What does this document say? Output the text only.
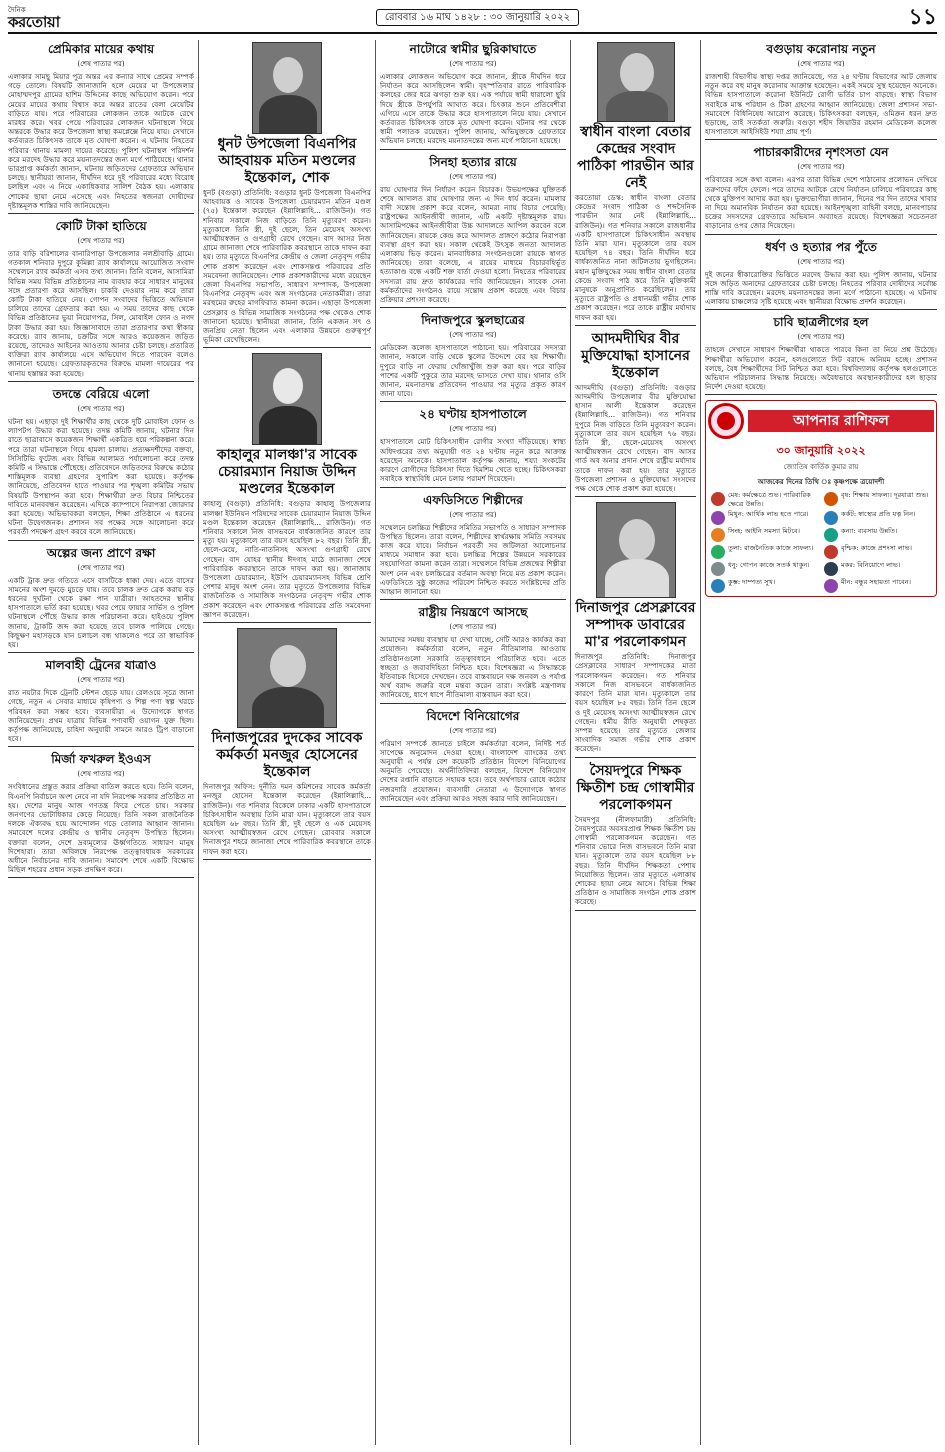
দৈনিক
করতোয়া	রোববার ১৬ মাঘ ১৪২৮ : ৩০ জানুয়ারি ২০২২	১১
প্রেমিকার মায়ের কথায়
(শেষ পাতার পর)

এলাকার সামছু মিয়ার পুত্র অন্তর এর কন্যার সাথে প্রেমের সম্পর্ক গড়ে তোলে। বিষয়টি জানাজানি হলে মেয়ের মা উপজেলার মোহাম্মদপুর গ্রামের হাশিম উদ্দিনের কাছে অভিযোগ করেন। পরে মেয়ের মায়ের কথায় বিশ্বাস করে অন্তর রাতের বেলা মেয়েটির বাড়িতে যায়। পরে পরিবারের লোকজন তাকে আটকে রেখে মারধর করে। খবর পেয়ে পরিবারের লোকজন ঘটনাস্থলে গিয়ে অন্তরকে উদ্ধার করে উপজেলা স্বাস্থ্য কমপ্লেক্সে নিয়ে যায়। সেখানে কর্তব্যরত চিকিৎসক তাকে মৃত ঘোষণা করেন। এ ঘটনায় নিহতের পরিবার থানায় মামলা দায়ের করেছে। পুলিশ ঘটনাস্থল পরিদর্শন করে মরদেহ উদ্ধার করে ময়নাতদন্তের জন্য মর্গে পাঠিয়েছে। থানার ভারপ্রাপ্ত কর্মকর্তা জানান, ঘটনায় জড়িতদের গ্রেফতারে অভিযান চলছে। স্থানীয়রা জানান, দীর্ঘদিন ধরে দুই পরিবারের মধ্যে বিরোধ চলছিল এবং এ নিয়ে একাধিকবার সালিশ বৈঠক হয়। এলাকায় শোকের ছায়া নেমে এসেছে এবং নিহতের স্বজনরা দোষীদের দৃষ্টান্তমূলক শাস্তির দাবি জানিয়েছেন।

কোটি টাকা হাতিয়ে
(শেষ পাতার পর)

তার বাড়ি বরিশালের বানারিপাড়া উপজেলার নলশ্রীবাড়ি গ্রামে। গতকাল শনিবার দুপুরে কুমিল্লা র‌্যাব কার্যালয়ে আয়োজিত সংবাদ সম্মেলনে র‌্যাব কর্মকর্তা এসব তথ্য জানান। তিনি বলেন, আসামিরা বিভিন্ন সময় বিভিন্ন প্রতিষ্ঠানের নাম ব্যবহার করে সাধারণ মানুষের সঙ্গে প্রতারণা করে আসছিল। চাকরি দেওয়ার নাম করে তারা কোটি টাকা হাতিয়ে নেয়। গোপন সংবাদের ভিত্তিতে অভিযান চালিয়ে তাদের গ্রেফতার করা হয়। এ সময় তাদের কাছ থেকে বিভিন্ন প্রতিষ্ঠানের ভুয়া নিয়োগপত্র, সিল, মোবাইল ফোন ও নগদ টাকা উদ্ধার করা হয়। জিজ্ঞাসাবাদে তারা প্রতারণার কথা স্বীকার করেছে। র‌্যাব জানায়, চক্রটির সঙ্গে আরও কয়েকজন জড়িত রয়েছে, তাদেরও আইনের আওতায় আনার চেষ্টা চলছে। প্রতারিত ব্যক্তিরা র‌্যাব কার্যালয়ে এসে অভিযোগ দিতে পারবেন বলেও জানানো হয়েছে। গ্রেফতারকৃতদের বিরুদ্ধে মামলা দায়েরের পর থানায় হস্তান্তর করা হয়েছে।

তদন্তে বেরিয়ে এলো
(শেষ পাতার পর)

ঘটনা হয়। এছাড়া দুই শিক্ষার্থীর কাছ থেকে দুটি মোবাইল ফোন ও ল্যাপটপ উদ্ধার করা হয়েছে। তদন্ত কমিটি জানায়, ঘটনার দিন রাতে ছাত্রাবাসে কয়েকজন শিক্ষার্থী একত্রিত হয়ে পরিকল্পনা করে। পরে তারা ঘটনাস্থলে গিয়ে হামলা চালায়। প্রত্যক্ষদর্শীদের বক্তব্য, সিসিটিভি ফুটেজ এবং বিভিন্ন আলামত পর্যালোচনা করে তদন্ত কমিটি এ সিদ্ধান্তে পৌঁছেছে। প্রতিবেদনে জড়িতদের বিরুদ্ধে কঠোর শাস্তিমূলক ব্যবস্থা গ্রহণের সুপারিশ করা হয়েছে। কর্তৃপক্ষ জানিয়েছে, প্রতিবেদন হাতে পাওয়ার পর শৃঙ্খলা কমিটির সভায় বিষয়টি উপস্থাপন করা হবে। শিক্ষার্থীরা দ্রুত বিচার নিশ্চিতের দাবিতে মানববন্ধন করেছেন। এদিকে ক্যাম্পাসে নিরাপত্তা জোরদার করা হয়েছে। অভিভাবকরা বলছেন, শিক্ষা প্রতিষ্ঠানে এ ধরনের ঘটনা উদ্বেগজনক। প্রশাসন সব পক্ষের সঙ্গে আলোচনা করে পরবর্তী পদক্ষেপ গ্রহণ করবে বলে জানিয়েছে।

অল্পের জন্য প্রাণে রক্ষা
(শেষ পাতার পর)

একটি ট্রাক দ্রুত গতিতে এসে বাসটিকে ধাক্কা দেয়। এতে বাসের সামনের অংশ দুমড়ে মুচড়ে যায়। তবে চালক দ্রুত ব্রেক করায় বড় ধরনের দুর্ঘটনা থেকে রক্ষা পান যাত্রীরা। আহতদের স্থানীয় হাসপাতালে ভর্তি করা হয়েছে। খবর পেয়ে ফায়ার সার্ভিস ও পুলিশ ঘটনাস্থলে পৌঁছে উদ্ধার কাজ পরিচালনা করে। হাইওয়ে পুলিশ জানায়, ট্রাকটি জব্দ করা হয়েছে তবে চালক পালিয়ে গেছে। কিছুক্ষণ মহাসড়কে যান চলাচল বন্ধ থাকলেও পরে তা স্বাভাবিক হয়।

মালবাহী ট্রেনের যাত্রাও
(শেষ পাতার পর)

রাত নয়টার দিকে ট্রেনটি স্টেশন ছেড়ে যায়। রেলওয়ে সূত্রে জানা গেছে, নতুন এ সেবার মাধ্যমে কৃষিপণ্য ও শিল্প পণ্য স্বল্প খরচে পরিবহন করা সম্ভব হবে। ব্যবসায়ীরা এ উদ্যোগকে স্বাগত জানিয়েছেন। প্রথম যাত্রায় বিভিন্ন পণ্যবাহী ওয়াগন যুক্ত ছিল। কর্তৃপক্ষ জানিয়েছে, চাহিদা অনুযায়ী সামনে আরও ট্রিপ বাড়ানো হবে।

মির্জা ফখরুল ইওএস
(শেষ পাতার পর)

সংবিধানের প্রস্তুত করার প্রক্রিয়া বাতিল করতে হবে। তিনি বলেন, বিএনপি নির্বাচনে অংশ নেবে না যদি নিরপেক্ষ সরকার প্রতিষ্ঠিত না হয়। দেশের মানুষ আজ গণতন্ত্র ফিরে পেতে চায়। সরকার জনগণের ভোটাধিকার কেড়ে নিয়েছে। তিনি সকল রাজনৈতিক দলকে ঐক্যবদ্ধ হয়ে আন্দোলন গড়ে তোলার আহ্বান জানান। সমাবেশে দলের কেন্দ্রীয় ও স্থানীয় নেতৃবৃন্দ উপস্থিত ছিলেন। বক্তারা বলেন, দেশে দ্রব্যমূল্যের ঊর্ধ্বগতিতে সাধারণ মানুষ দিশেহারা। তারা অবিলম্বে নিরপেক্ষ তত্ত্বাবধায়ক সরকারের অধীনে নির্বাচনের দাবি জানান। সমাবেশ শেষে একটি বিক্ষোভ মিছিল শহরের প্রধান সড়ক প্রদক্ষিণ করে।

ধুনট উপজেলা বিএনপির আহবায়ক মতিন মণ্ডলের ইন্তেকাল, শোক

ধুনট (বগুড়া) প্রতিনিধি: বগুড়ার ধুনট উপজেলা বিএনপির আহবায়ক ও সাবেক উপজেলা চেয়ারম্যান মতিন মণ্ডল (৭৫) ইন্তেকাল করেছেন (ইন্নালিল্লাহি... রাজিউন)। গত শনিবার সকালে নিজ বাড়িতে তিনি মৃত্যুবরণ করেন। মৃত্যুকালে তিনি স্ত্রী, দুই ছেলে, তিন মেয়েসহ অসংখ্য আত্মীয়স্বজন ও গুণগ্রাহী রেখে গেছেন। বাদ আসর নিজ গ্রামে জানাজা শেষে পারিবারিক কবরস্থানে তাকে দাফন করা হয়। তার মৃত্যুতে বিএনপির কেন্দ্রীয় ও জেলা নেতৃবৃন্দ গভীর শোক প্রকাশ করেছেন এবং শোকসন্তপ্ত পরিবারের প্রতি সমবেদনা জানিয়েছেন। শোক প্রকাশকারীদের মধ্যে রয়েছেন জেলা বিএনপির সভাপতি, সাধারণ সম্পাদক, উপজেলা বিএনপির নেতৃবৃন্দ এবং অঙ্গ সংগঠনের নেতাকর্মীরা। তারা মরহুমের রুহের মাগফিরাত কামনা করেন। এছাড়া উপজেলা প্রেসক্লাব ও বিভিন্ন সামাজিক সংগঠনের পক্ষ থেকেও শোক জানানো হয়েছে। স্থানীয়রা জানান, তিনি একজন সৎ ও জনপ্রিয় নেতা ছিলেন এবং এলাকার উন্নয়নে গুরুত্বপূর্ণ ভূমিকা রেখেছিলেন।

কাহালুর মালঞ্চা'র সাবেক চেয়ারম্যান নিয়াজ উদ্দিন মণ্ডলের ইন্তেকাল

কাহালু (বগুড়া) প্রতিনিধি: বগুড়ার কাহালু উপজেলার মালঞ্চা ইউনিয়ন পরিষদের সাবেক চেয়ারম্যান নিয়াজ উদ্দিন মণ্ডল ইন্তেকাল করেছেন (ইন্নালিল্লাহি... রাজিউন)। গত শনিবার সকালে নিজ বাসভবনে বার্ধক্যজনিত কারণে তার মৃত্যু হয়। মৃত্যুকালে তার বয়স হয়েছিল ৮২ বছর। তিনি স্ত্রী, ছেলে-মেয়ে, নাতি-নাতনিসহ অসংখ্য গুণগ্রাহী রেখে গেছেন। বাদ যোহর স্থানীয় ঈদগাহ মাঠে জানাজা শেষে পারিবারিক কবরস্থানে তাকে দাফন করা হয়। জানাজায় উপজেলা চেয়ারম্যান, ইউপি চেয়ারম্যানসহ বিভিন্ন শ্রেণি পেশার মানুষ অংশ নেন। তার মৃত্যুতে উপজেলার বিভিন্ন রাজনৈতিক ও সামাজিক সংগঠনের নেতৃবৃন্দ গভীর শোক প্রকাশ করেছেন এবং শোকসন্তপ্ত পরিবারের প্রতি সমবেদনা জ্ঞাপন করেছেন।

দিনাজপুরের দুদকের সাবেক কর্মকর্তা মনজুর হোসেনের ইন্তেকাল

দিনাজপুর অফিস: দুর্নীতি দমন কমিশনের সাবেক কর্মকর্তা মনজুর হোসেন ইন্তেকাল করেছেন (ইন্নালিল্লাহি... রাজিউন)। গত শনিবার বিকেলে ঢাকার একটি হাসপাতালে চিকিৎসাধীন অবস্থায় তিনি মারা যান। মৃত্যুকালে তার বয়স হয়েছিল ৬৮ বছর। তিনি স্ত্রী, দুই ছেলে ও এক মেয়েসহ অসংখ্য আত্মীয়স্বজন রেখে গেছেন। রোববার সকালে দিনাজপুর শহরে জানাজা শেষে পারিবারিক কবরস্থানে তাকে দাফন করা হবে।

নাটোরে স্বামীর ছুরিকাঘাতে
(শেষ পাতার পর)

এলাকার লোকজন অভিযোগ করে জানান, স্ত্রীকে দীর্ঘদিন ধরে নির্যাতন করে আসছিলেন স্বামী। বৃহস্পতিবার রাতে পারিবারিক কলহের জের ধরে ঝগড়া শুরু হয়। এক পর্যায়ে স্বামী ধারালো ছুরি দিয়ে স্ত্রীকে উপর্যুপরি আঘাত করে। চিৎকার শুনে প্রতিবেশীরা এগিয়ে এসে তাকে উদ্ধার করে হাসপাতালে নিয়ে যায়। সেখানে কর্তব্যরত চিকিৎসক তাকে মৃত ঘোষণা করেন। ঘটনার পর থেকে স্বামী পলাতক রয়েছেন। পুলিশ জানায়, অভিযুক্তকে গ্রেফতারে অভিযান চলছে। মরদেহ ময়নাতদন্তের জন্য মর্গে পাঠানো হয়েছে।

সিনহা হত্যার রায়ে
(শেষ পাতার পর)

রায় ঘোষণার দিন নির্ধারণ করেন বিচারক। উভয়পক্ষের যুক্তিতর্ক শেষে আদালত রায় ঘোষণার জন্য এ দিন ধার্য করেন। মামলার বাদী সন্তোষ প্রকাশ করে বলেন, আমরা ন্যায় বিচার পেয়েছি। রাষ্ট্রপক্ষের আইনজীবী জানান, এটি একটি দৃষ্টান্তমূলক রায়। আসামিপক্ষের আইনজীবীরা উচ্চ আদালতে আপিল করবেন বলে জানিয়েছেন। রায়কে কেন্দ্র করে আদালত প্রাঙ্গণে কঠোর নিরাপত্তা ব্যবস্থা গ্রহণ করা হয়। সকাল থেকেই উৎসুক জনতা আদালত এলাকায় ভিড় করেন। মানবাধিকার সংগঠনগুলো রায়কে স্বাগত জানিয়েছে। তারা বলেছে, এ রায়ের মাধ্যমে বিচারবহির্ভূত হত্যাকাণ্ড বন্ধে একটি শক্ত বার্তা দেওয়া হলো। নিহতের পরিবারের সদস্যরা রায় দ্রুত কার্যকরের দাবি জানিয়েছেন। সাবেক সেনা কর্মকর্তাদের সংগঠনও রায়ে সন্তোষ প্রকাশ করেছে এবং বিচার প্রক্রিয়ার প্রশংসা করেছে।

দিনাজপুরে স্কুলছাত্রের
(শেষ পাতার পর)

মেডিকেল কলেজ হাসপাতালে পাঠানো হয়। পরিবারের সদস্যরা জানান, সকালে বাড়ি থেকে স্কুলের উদ্দেশে বের হয় শিক্ষার্থী। দুপুরে বাড়ি না ফেরায় খোঁজাখুঁজি শুরু করা হয়। পরে বাড়ির পাশের একটি পুকুরে তার মরদেহ ভাসতে দেখা যায়। থানার ওসি জানান, ময়নাতদন্ত প্রতিবেদন পাওয়ার পর মৃত্যুর প্রকৃত কারণ জানা যাবে।

২৪ ঘণ্টায় হাসপাতালে
(শেষ পাতার পর)

হাসপাতালে মোট চিকিৎসাধীন রোগীর সংখ্যা দাঁড়িয়েছে। স্বাস্থ্য অধিদপ্তরের তথ্য অনুযায়ী গত ২৪ ঘণ্টায় নতুন করে আক্রান্ত হয়েছেন অনেকে। হাসপাতাল কর্তৃপক্ষ জানায়, শয্যা সংকটের কারণে রোগীদের চিকিৎসা দিতে হিমশিম খেতে হচ্ছে। চিকিৎসকরা সবাইকে স্বাস্থ্যবিধি মেনে চলার পরামর্শ দিয়েছেন।

এফডিসিতে শিল্পীদের
(শেষ পাতার পর)

সম্মেলনে চলচ্চিত্র শিল্পীদের সমিতির সভাপতি ও সাধারণ সম্পাদক উপস্থিত ছিলেন। তারা বলেন, শিল্পীদের স্বার্থরক্ষায় সমিতি সবসময় কাজ করে যাবে। নির্বাচন পরবর্তী সব জটিলতা আলোচনার মাধ্যমে সমাধান করা হবে। চলচ্চিত্র শিল্পের উন্নয়নে সরকারের সহযোগিতা কামনা করেন তারা। সম্মেলনে বিভিন্ন প্রজন্মের শিল্পীরা অংশ নেন এবং চলচ্চিত্রের বর্তমান অবস্থা নিয়ে মত প্রকাশ করেন। এফডিসিতে সুষ্ঠু কাজের পরিবেশ নিশ্চিত করতে সংশ্লিষ্টদের প্রতি আহ্বান জানানো হয়।

রাষ্ট্রীয় নিয়ন্ত্রণে আসছে
(শেষ পাতার পর)

আমাদের সমন্বয় ব্যবস্থায় যা দেখা যাচ্ছে, সেটি আরও কার্যকর করা প্রয়োজন। কর্মকর্তারা বলেন, নতুন নীতিমালার আওতায় প্রতিষ্ঠানগুলো সরকারি তত্ত্বাবধানে পরিচালিত হবে। এতে স্বচ্ছতা ও জবাবদিহিতা নিশ্চিত হবে। বিশেষজ্ঞরা এ সিদ্ধান্তকে ইতিবাচক হিসেবে দেখছেন। তবে বাস্তবায়নে দক্ষ জনবল ও পর্যাপ্ত অর্থ বরাদ্দ জরুরি বলে মন্তব্য করেন তারা। সংশ্লিষ্ট মন্ত্রণালয় জানিয়েছে, ধাপে ধাপে নীতিমালা বাস্তবায়ন করা হবে।

বিদেশে বিনিয়োগের
(শেষ পাতার পর)

পরিমাণ সম্পর্কে জানতে চাইলে কর্মকর্তারা বলেন, নির্দিষ্ট শর্ত সাপেক্ষে অনুমোদন দেওয়া হচ্ছে। বাংলাদেশ ব্যাংকের তথ্য অনুযায়ী এ পর্যন্ত বেশ কয়েকটি প্রতিষ্ঠান বিদেশে বিনিয়োগের অনুমতি পেয়েছে। অর্থনীতিবিদরা বলছেন, বিদেশে বিনিয়োগ দেশের রপ্তানি বাড়াতে সহায়ক হবে। তবে অর্থপাচার রোধে কঠোর নজরদারি প্রয়োজন। ব্যবসায়ী নেতারা এ উদ্যোগকে স্বাগত জানিয়েছেন এবং প্রক্রিয়া আরও সহজ করার দাবি জানিয়েছেন।

স্বাধীন বাংলা বেতার কেন্দ্রের সংবাদ পাঠিকা পারভীন আর নেই

করতোয়া ডেস্ক: স্বাধীন বাংলা বেতার কেন্দ্রের সংবাদ পাঠিকা ও শব্দসৈনিক পারভীন আর নেই (ইন্নালিল্লাহি... রাজিউন)। গত শনিবার সকালে রাজধানীর একটি হাসপাতালে চিকিৎসাধীন অবস্থায় তিনি মারা যান। মৃত্যুকালে তার বয়স হয়েছিল ৭৪ বছর। তিনি দীর্ঘদিন ধরে বার্ধক্যজনিত নানা জটিলতায় ভুগছিলেন। মহান মুক্তিযুদ্ধের সময় স্বাধীন বাংলা বেতার কেন্দ্রে সংবাদ পাঠ করে তিনি মুক্তিকামী মানুষকে অনুপ্রাণিত করেছিলেন। তার মৃত্যুতে রাষ্ট্রপতি ও প্রধানমন্ত্রী গভীর শোক প্রকাশ করেছেন। পরে তাকে রাষ্ট্রীয় মর্যাদায় দাফন করা হয়।

আদমদীঘির বীর মুক্তিযোদ্ধা হাসানের ইন্তেকাল

আদমদীঘি (বগুড়া) প্রতিনিধি: বগুড়ার আদমদীঘি উপজেলার বীর মুক্তিযোদ্ধা হাসান আলী ইন্তেকাল করেছেন (ইন্নালিল্লাহি... রাজিউন)। গত শনিবার দুপুরে নিজ বাড়িতে তিনি মৃত্যুবরণ করেন। মৃত্যুকালে তার বয়স হয়েছিল ৭৬ বছর। তিনি স্ত্রী, ছেলে-মেয়েসহ অসংখ্য আত্মীয়স্বজন রেখে গেছেন। বাদ আসর গার্ড অব অনার প্রদান শেষে রাষ্ট্রীয় মর্যাদায় তাকে দাফন করা হয়। তার মৃত্যুতে উপজেলা প্রশাসন ও মুক্তিযোদ্ধা সংসদের পক্ষ থেকে শোক প্রকাশ করা হয়েছে।

দিনাজপুর প্রেসক্লাবের সম্পাদক ডাবারের মা'র পরলোকগমন

দিনাজপুর প্রতিনিধি: দিনাজপুর প্রেসক্লাবের সাধারণ সম্পাদকের মাতা পরলোকগমন করেছেন। গত শনিবার সকালে নিজ বাসভবনে বার্ধক্যজনিত কারণে তিনি মারা যান। মৃত্যুকালে তার বয়স হয়েছিল ৮৫ বছর। তিনি তিন ছেলে ও দুই মেয়েসহ অসংখ্য আত্মীয়স্বজন রেখে গেছেন। ধর্মীয় রীতি অনুযায়ী শেষকৃত্য সম্পন্ন হয়েছে। তার মৃত্যুতে জেলার সাংবাদিক সমাজ গভীর শোক প্রকাশ করেছেন।

সৈয়দপুরে শিক্ষক ক্ষিতীশ চন্দ্র গোস্বামীর পরলোকগমন

সৈয়দপুর (নীলফামারী) প্রতিনিধি: সৈয়দপুরের অবসরপ্রাপ্ত শিক্ষক ক্ষিতীশ চন্দ্র গোস্বামী পরলোকগমন করেছেন। গত শনিবার ভোরে নিজ বাসভবনে তিনি মারা যান। মৃত্যুকালে তার বয়স হয়েছিল ৮৮ বছর। তিনি দীর্ঘদিন শিক্ষকতা পেশায় নিয়োজিত ছিলেন। তার মৃত্যুতে এলাকায় শোকের ছায়া নেমে আসে। বিভিন্ন শিক্ষা প্রতিষ্ঠান ও সামাজিক সংগঠন শোক প্রকাশ করেছে।

বগুড়ায় করোনায় নতুন
(শেষ পাতার পর)

রাজশাহী বিভাগীয় স্বাস্থ্য দপ্তর জানিয়েছে, গত ২৪ ঘণ্টায় বিভাগের আট জেলায় নতুন করে বহু মানুষ করোনায় আক্রান্ত হয়েছেন। একই সময়ে সুস্থ হয়েছেন অনেকে। বিভিন্ন হাসপাতালে করোনা ইউনিটে রোগী ভর্তির চাপ বাড়ছে। স্বাস্থ্য বিভাগ সবাইকে মাস্ক পরিধান ও টিকা গ্রহণের আহ্বান জানিয়েছে। জেলা প্রশাসন সভা-সমাবেশে বিধিনিষেধ আরোপ করেছে। চিকিৎসকরা বলছেন, ওমিক্রন ধরন দ্রুত ছড়াচ্ছে, তাই সতর্কতা জরুরি। বগুড়া শহীদ জিয়াউর রহমান মেডিকেল কলেজ হাসপাতালে আইসিইউ শয্যা প্রায় পূর্ণ।

পাচারকারীদের নৃশংসতা যেন
(শেষ পাতার পর)

পরিবারের সঙ্গে কথা বলেন। এরপর তারা বিভিন্ন দেশে পাঠানোর প্রলোভন দেখিয়ে তরুণদের ফাঁদে ফেলে। পরে তাদের আটকে রেখে নির্যাতন চালিয়ে পরিবারের কাছ থেকে মুক্তিপণ আদায় করা হয়। ভুক্তভোগীরা জানান, দিনের পর দিন তাদের খাবার না দিয়ে অমানবিক নির্যাতন করা হয়েছে। আইনশৃঙ্খলা বাহিনী বলছে, মানবপাচার চক্রের সদস্যদের গ্রেফতারে অভিযান অব্যাহত রয়েছে। বিশেষজ্ঞরা সচেতনতা বাড়ানোর ওপর জোর দিয়েছেন।

ধর্ষণ ও হত্যার পর পুঁতে
(শেষ পাতার পর)

দুই জনের স্বীকারোক্তির ভিত্তিতে মরদেহ উদ্ধার করা হয়। পুলিশ জানায়, ঘটনার সঙ্গে জড়িত অন্যদের গ্রেফতারের চেষ্টা চলছে। নিহতের পরিবার দোষীদের সর্বোচ্চ শাস্তি দাবি করেছেন। মরদেহ ময়নাতদন্তের জন্য মর্গে পাঠানো হয়েছে। এ ঘটনায় এলাকায় চাঞ্চল্যের সৃষ্টি হয়েছে এবং স্থানীয়রা বিক্ষোভ প্রদর্শন করেছেন।

চাবি ছাত্রলীগের হল
(শেষ পাতার পর)

তাহলে সেখানে সাধারণ শিক্ষার্থীরা থাকতে পারবে কিনা তা নিয়ে প্রশ্ন উঠেছে। শিক্ষার্থীরা অভিযোগ করেন, হলগুলোতে সিট বরাদ্দে অনিয়ম হচ্ছে। প্রশাসন বলছে, বৈধ শিক্ষার্থীদের সিট নিশ্চিত করা হবে। বিশ্ববিদ্যালয় কর্তৃপক্ষ হলগুলোতে অভিযান পরিচালনার সিদ্ধান্ত নিয়েছে। অবৈধভাবে অবস্থানকারীদের হল ছাড়ার নির্দেশ দেওয়া হয়েছে।

আপনার রাশিফল
৩০ জানুয়ারি ২০২২
জ্যোতিষ কার্তিক কুমার রায়
আজকের দিনের তিথি ঃ কৃষ্ণপক্ষে ত্রয়োদশী

মেষ: কর্মক্ষেত্রে শুভ। পারিবারিক ক্ষেত্রে উন্নতি।

বৃষ: শিক্ষায় সাফল্য। দূরযাত্রা শুভ।

মিথুন: আর্থিক লাভ হতে পারে।	কর্কট: স্বাস্থ্যের প্রতি যত্ন নিন।

সিংহ: আইনি সমস্যা মিটবে।	কন্যা: ব্যবসায় উন্নতি।

তুলা: রাজনৈতিক কাজে সাফল্য।	বৃশ্চিক: কাজে প্রশংসা লাভ।

ধনু: গোপন কাজে সতর্ক থাকুন।	মকর: বিনিয়োগে লাভ।

কুম্ভ: দাম্পত্য সুখ।	মীন: বন্ধুর সহায়তা পাবেন।
